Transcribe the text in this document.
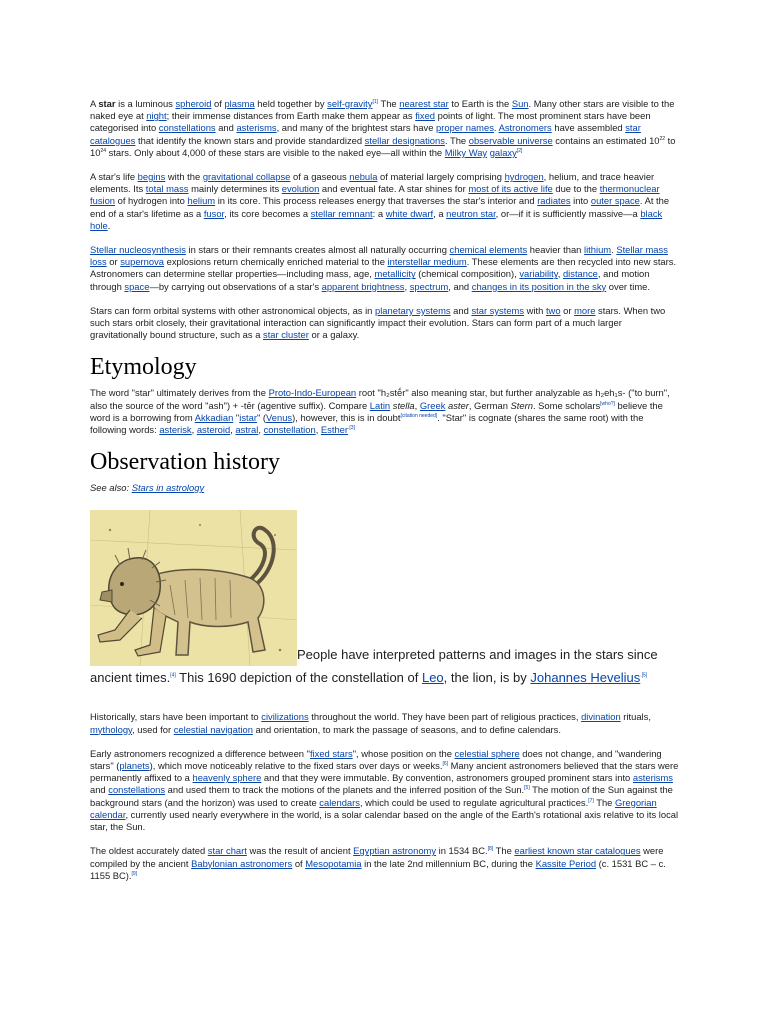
A star is a luminous spheroid of plasma held together by self-gravity[1] The nearest star to Earth is the Sun. Many other stars are visible to the naked eye at night; their immense distances from Earth make them appear as fixed points of light. The most prominent stars have been categorised into constellations and asterisms, and many of the brightest stars have proper names. Astronomers have assembled star catalogues that identify the known stars and provide standardized stellar designations. The observable universe contains an estimated $10^{22}$ to $10^{24}$ stars. Only about 4,000 of these stars are visible to the naked eye—all within the Milky Way galaxy[2]

A star's life begins with the gravitational collapse of a gaseous nebula of material largely comprising hydrogen, helium, and trace heavier elements. Its total mass mainly determines its evolution and eventual fate. A star shines for most of its active life due to the thermonuclear fusion of hydrogen into helium in its core. This process releases energy that traverses the star's interior and radiates into outer space. At the end of a star's lifetime as a fusor, its core becomes a stellar remnant: a white dwarf, a neutron star, or—if it is sufficiently massive—a black hole.

Stellar nucleosynthesis in stars or their remnants creates almost all naturally occurring chemical elements heavier than lithium. Stellar mass loss or supernova explosions return chemically enriched material to the interstellar medium. These elements are then recycled into new stars. Astronomers can determine stellar properties—including mass, age, metallicity (chemical composition), variability, distance, and motion through space—by carrying out observations of a star's apparent brightness, spectrum, and changes in its position in the sky over time.

Stars can form orbital systems with other astronomical objects, as in planetary systems and star systems with two or more stars. When two such stars orbit closely, their gravitational interaction can significantly impact their evolution. Stars can form part of a much larger gravitationally bound structure, such as a star cluster or a galaxy.

Etymology

The word "star" ultimately derives from the Proto-Indo-European root "h₂stḗr" also meaning star, but further analyzable as h₂eh₁s- ("to burn", also the source of the word "ash") + -tēr (agentive suffix). Compare Latin stella, Greek aster, German Stern. Some scholars[who?] believe the word is a borrowing from Akkadian "istar" (Venus), however, this is in doubt[citation needed]. "Star" is cognate (shares the same root) with the following words: asterisk, asteroid, astral, constellation, Esther$^{.[3]}$

Observation history
See also: Stars in astrology
People have interpreted patterns and images in the stars since ancient times.[4] This 1690 depiction of the constellation of Leo, the lion, is by Johannes Hevelius$^{.[5]}$

Historically, stars have been important to civilizations throughout the world. They have been part of religious practices, divination rituals, mythology, used for celestial navigation and orientation, to mark the passage of seasons, and to define calendars.

Early astronomers recognized a difference between "fixed stars", whose position on the celestial sphere does not change, and "wandering stars" (planets), which move noticeably relative to the fixed stars over days or weeks.[6] Many ancient astronomers believed that the stars were permanently affixed to a heavenly sphere and that they were immutable. By convention, astronomers grouped prominent stars into asterisms and constellations and used them to track the motions of the planets and the inferred position of the Sun.[5] The motion of the Sun against the background stars (and the horizon) was used to create calendars, which could be used to regulate agricultural practices.[7] The Gregorian calendar, currently used nearly everywhere in the world, is a solar calendar based on the angle of the Earth's rotational axis relative to its local star, the Sun.

The oldest accurately dated star chart was the result of ancient Egyptian astronomy in 1534 BC.[8] The earliest known star catalogues were compiled by the ancient Babylonian astronomers of Mesopotamia in the late 2nd millennium BC, during the Kassite Period (c. 1531 BC – c. 1155 BC).[9]
